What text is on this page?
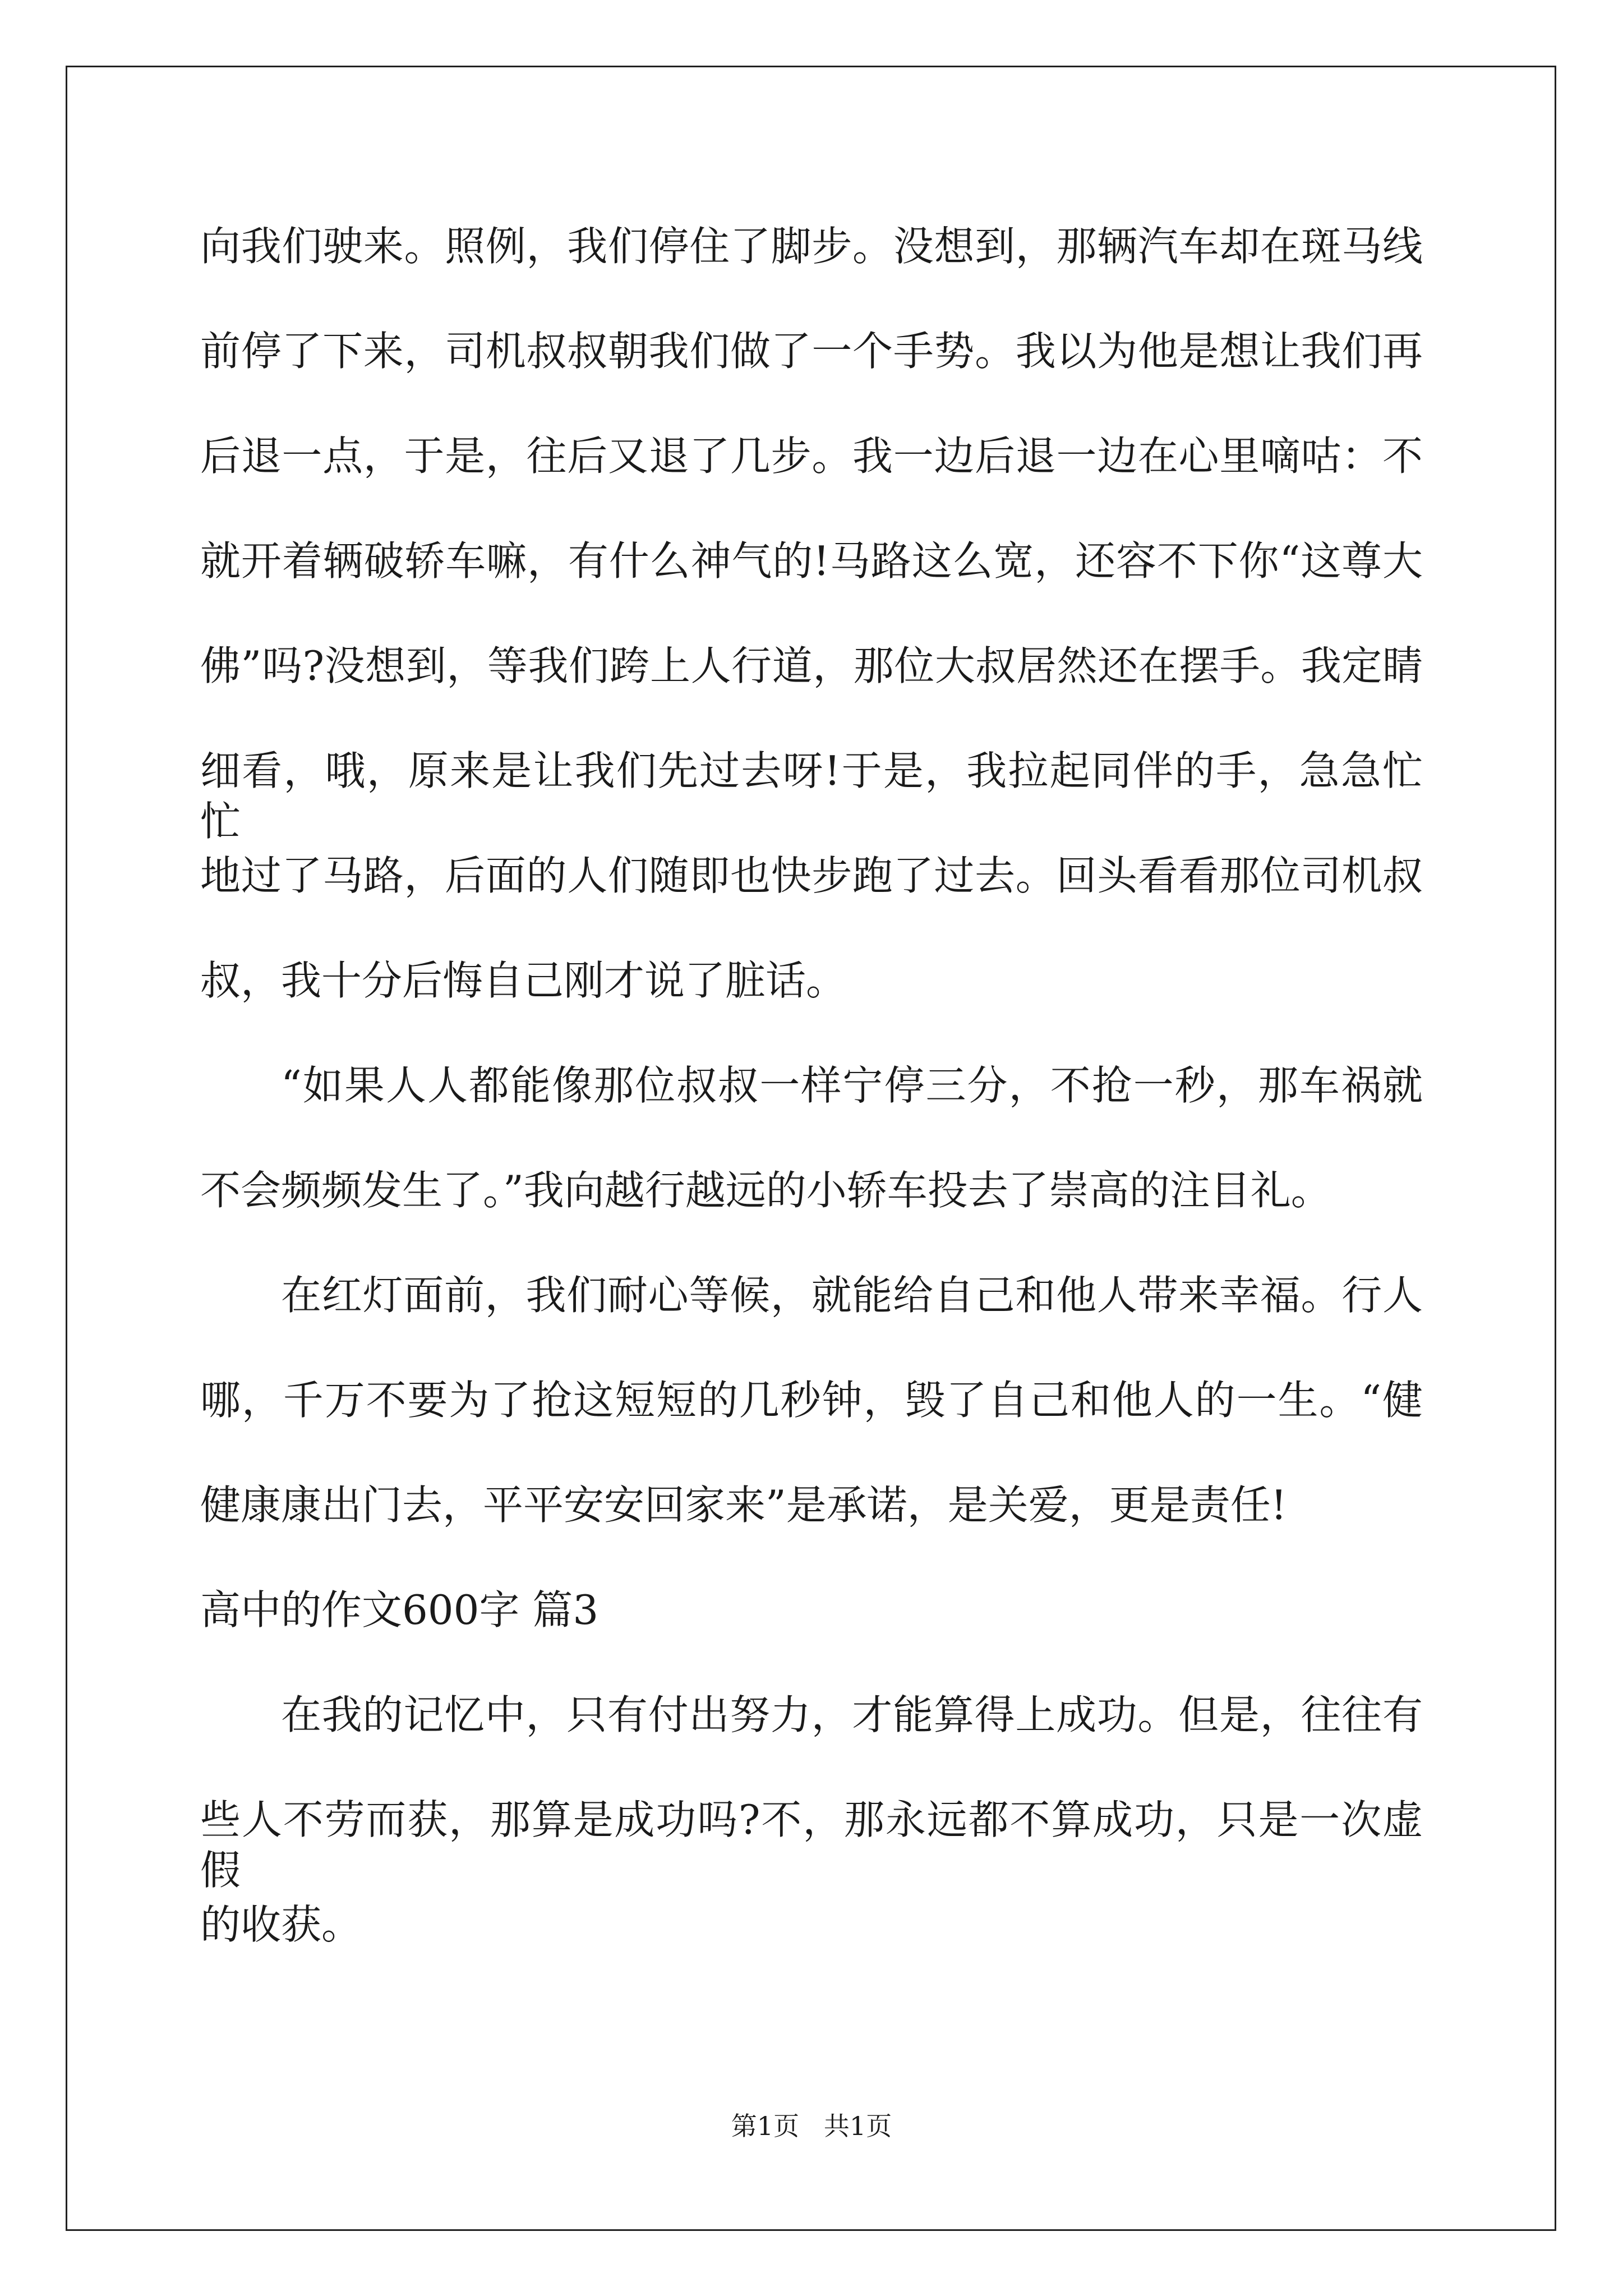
向我们驶来。照例，我们停住了脚步。没想到，那辆汽车却在斑马线
前停了下来，司机叔叔朝我们做了一个手势。我以为他是想让我们再
后退一点，于是，往后又退了几步。我一边后退一边在心里嘀咕：不
就开着辆破轿车嘛，有什么神气的!马路这么宽，还容不下你“这尊大
佛”吗?没想到，等我们跨上人行道，那位大叔居然还在摆手。我定睛
细看，哦，原来是让我们先过去呀!于是，我拉起同伴的手，急急忙忙
地过了马路，后面的人们随即也快步跑了过去。回头看看那位司机叔
叔，我十分后悔自己刚才说了脏话。
“如果人人都能像那位叔叔一样宁停三分，不抢一秒，那车祸就
不会频频发生了。”我向越行越远的小轿车投去了崇高的注目礼。
在红灯面前，我们耐心等候，就能给自己和他人带来幸福。行人
哪，千万不要为了抢这短短的几秒钟，毁了自己和他人的一生。“健
健康康出门去，平平安安回家来”是承诺，是关爱，更是责任!
高中的作文600字 篇3
在我的记忆中，只有付出努力，才能算得上成功。但是，往往有
些人不劳而获，那算是成功吗?不，那永远都不算成功，只是一次虚假
的收获。
第1页   共1页
